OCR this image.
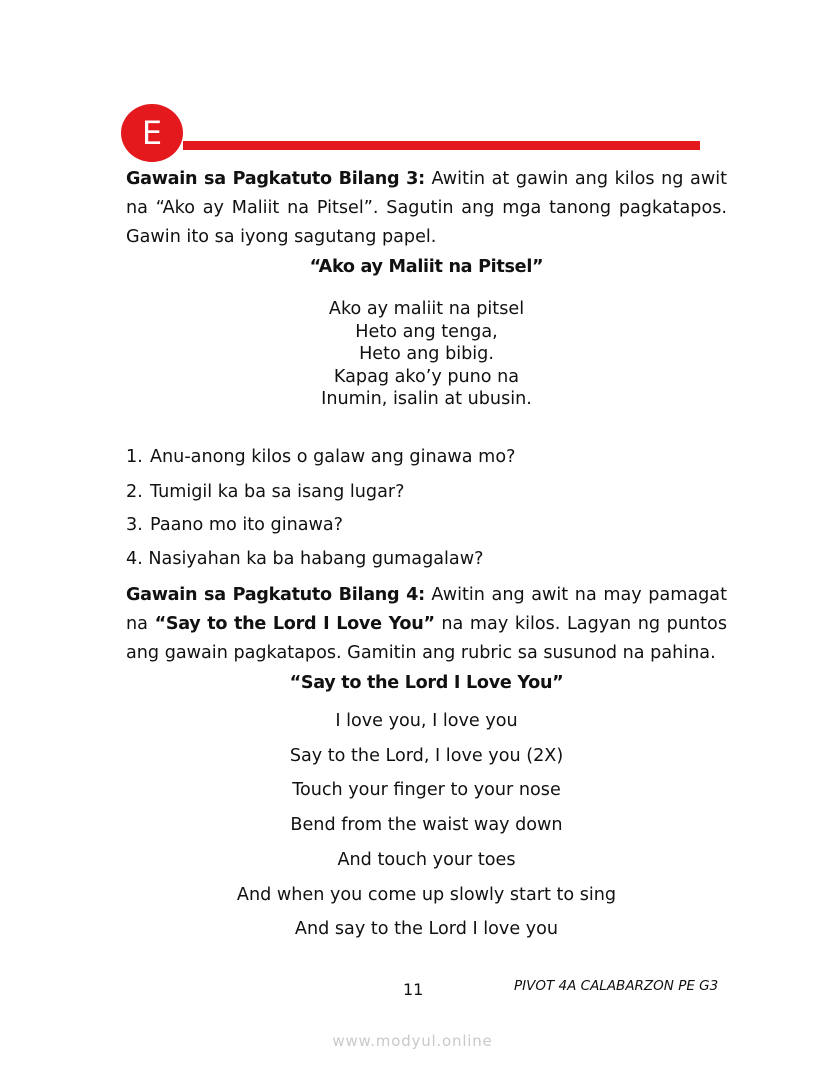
E
Gawain sa Pagkatuto Bilang 3: Awitin at gawin ang kilos ng awit na “Ako ay Maliit na Pitsel”. Sagutin ang mga tanong pagkatapos. Gawin ito sa iyong sagutang papel.
“Ako ay Maliit na Pitsel”
Ako ay maliit na pitsel
Heto ang tenga,
Heto ang bibig.
Kapag ako’y puno na
Inumin, isalin at ubusin.
1. Anu-anong kilos o galaw ang ginawa mo?
2. Tumigil ka ba sa isang lugar?
3. Paano mo ito ginawa?
4. Nasiyahan ka ba habang gumagalaw?
Gawain sa Pagkatuto Bilang 4: Awitin ang awit na may pamagat na “Say to the Lord I Love You” na may kilos. Lagyan ng puntos ang gawain pagkatapos. Gamitin ang rubric sa susunod na pahina.
“Say to the Lord I Love You”
I love you, I love you
Say to the Lord, I love you (2X)
Touch your finger to your nose
Bend from the waist way down
And touch your toes
And when you come up slowly start to sing
And say to the Lord I love you
11	PIVOT 4A CALABARZON PE G3
www.modyul.online
